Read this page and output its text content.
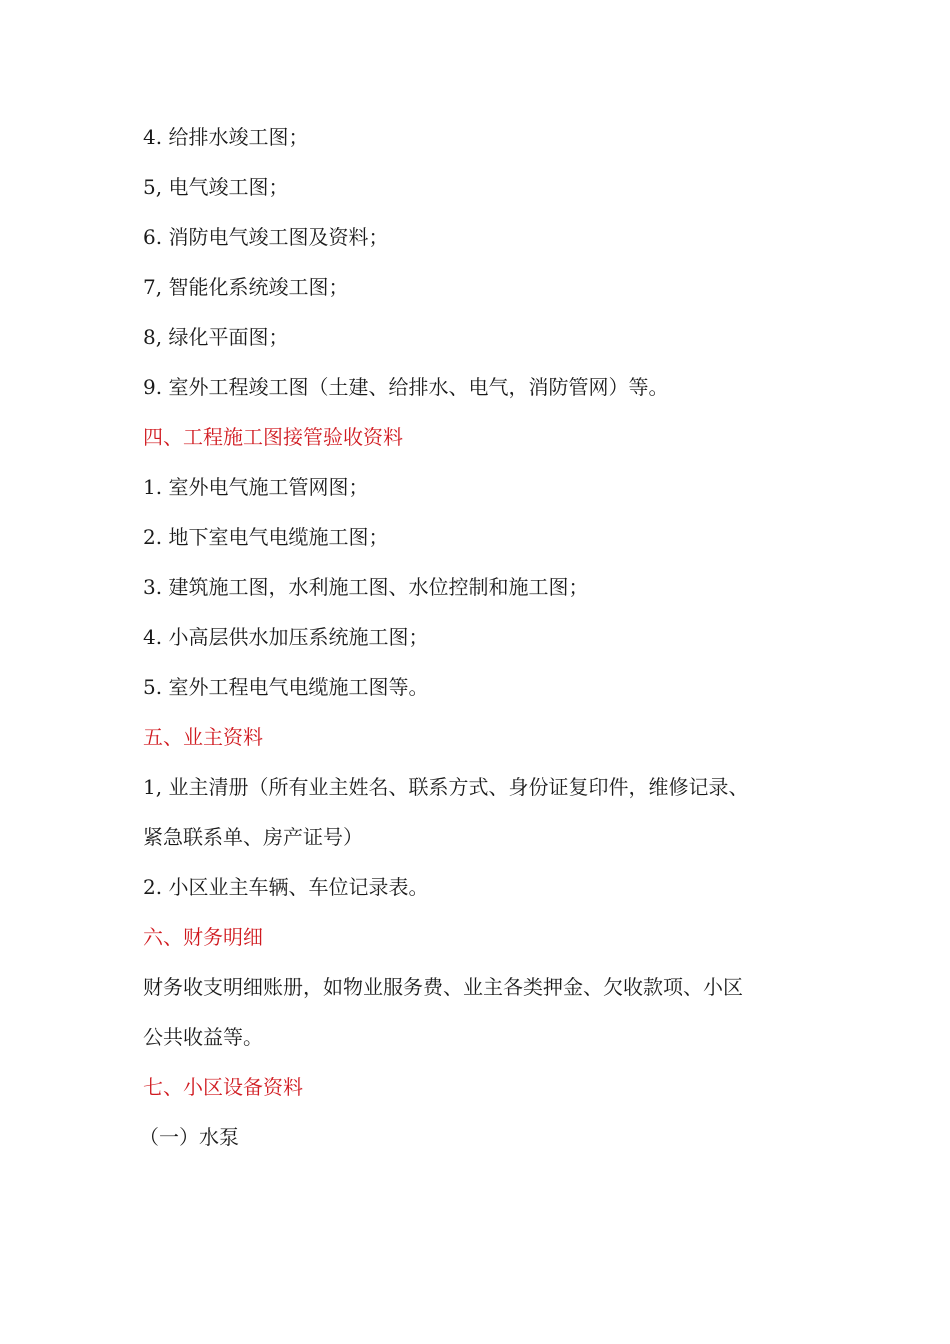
4. 给排水竣工图；

5, 电气竣工图；

6. 消防电气竣工图及资料；

7, 智能化系统竣工图；

8, 绿化平面图；

9. 室外工程竣工图（土建、给排水、电气，消防管网）等。

四、工程施工图接管验收资料

1. 室外电气施工管网图；

2. 地下室电气电缆施工图；

3. 建筑施工图，水利施工图、水位控制和施工图；

4. 小高层供水加压系统施工图；

5. 室外工程电气电缆施工图等。

五、业主资料

1, 业主清册（所有业主姓名、联系方式、身份证复印件，维修记录、

紧急联系单、房产证号）

2. 小区业主车辆、车位记录表。

六、财务明细

财务收支明细账册，如物业服务费、业主各类押金、欠收款项、小区

公共收益等。

七、小区设备资料

（一）水泵
